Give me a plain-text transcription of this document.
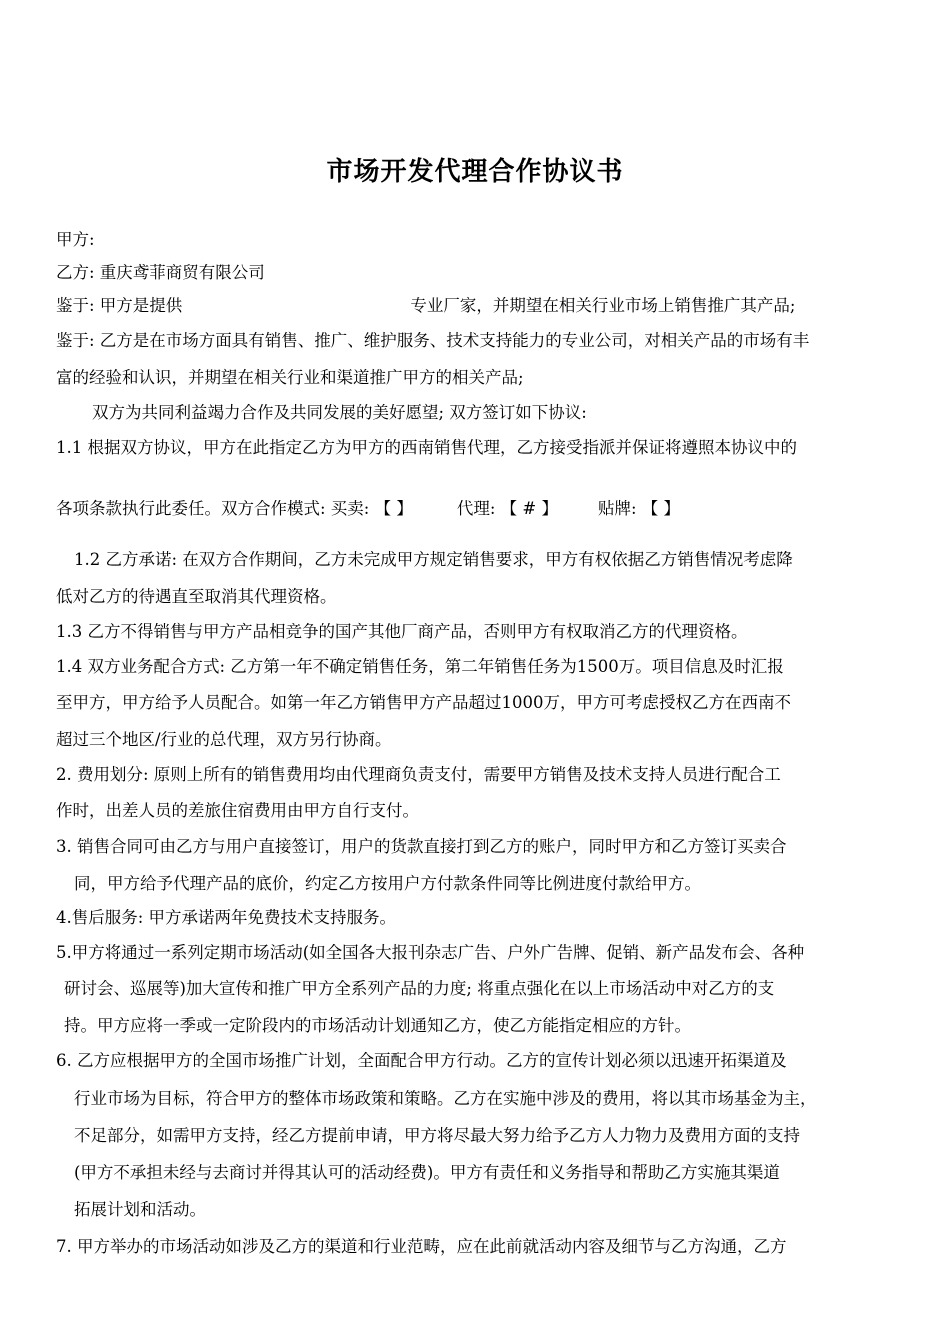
市场开发代理合作协议书
甲方:
乙方: 重庆鸢菲商贸有限公司
鉴于: 甲方是提供	专业厂家，并期望在相关行业市场上销售推广其产品;
鉴于: 乙方是在市场方面具有销售、推广、维护服务、技术支持能力的专业公司，对相关产品的市场有丰
富的经验和认识，并期望在相关行业和渠道推广甲方的相关产品;
双方为共同利益竭力合作及共同发展的美好愿望; 双方签订如下协议:
1.1 根据双方协议，甲方在此指定乙方为甲方的西南销售代理，乙方接受指派并保证将遵照本协议中的
各项条款执行此委任。双方合作模式: 买卖: 【 】	代理: 【 # 】 贴牌: 【 】
1.2 乙方承诺: 在双方合作期间，乙方未完成甲方规定销售要求，甲方有权依据乙方销售情况考虑降
低对乙方的待遇直至取消其代理资格。
1.3 乙方不得销售与甲方产品相竞争的国产其他厂商产品，否则甲方有权取消乙方的代理资格。
1.4 双方业务配合方式: 乙方第一年不确定销售任务，第二年销售任务为1500万。项目信息及时汇报
至甲方，甲方给予人员配合。如第一年乙方销售甲方产品超过1000万，甲方可考虑授权乙方在西南不
超过三个地区/行业的总代理，双方另行协商。
2. 费用划分: 原则上所有的销售费用均由代理商负责支付，需要甲方销售及技术支持人员进行配合工
作时，出差人员的差旅住宿费用由甲方自行支付。
3. 销售合同可由乙方与用户直接签订，用户的货款直接打到乙方的账户，同时甲方和乙方签订买卖合
同，甲方给予代理产品的底价，约定乙方按用户方付款条件同等比例进度付款给甲方。
4.售后服务: 甲方承诺两年免费技术支持服务。
5.甲方将通过一系列定期市场活动(如全国各大报刊杂志广告、户外广告牌、促销、新产品发布会、各种
研讨会、巡展等)加大宣传和推广甲方全系列产品的力度; 将重点强化在以上市场活动中对乙方的支
持。甲方应将一季或一定阶段内的市场活动计划通知乙方，使乙方能指定相应的方针。
6. 乙方应根据甲方的全国市场推广计划，全面配合甲方行动。乙方的宣传计划必须以迅速开拓渠道及
行业市场为目标，符合甲方的整体市场政策和策略。乙方在实施中涉及的费用，将以其市场基金为主，
不足部分，如需甲方支持，经乙方提前申请，甲方将尽最大努力给予乙方人力物力及费用方面的支持
(甲方不承担未经与去商讨并得其认可的活动经费)。甲方有责任和义务指导和帮助乙方实施其渠道
拓展计划和活动。
7. 甲方举办的市场活动如涉及乙方的渠道和行业范畴，应在此前就活动内容及细节与乙方沟通，乙方
